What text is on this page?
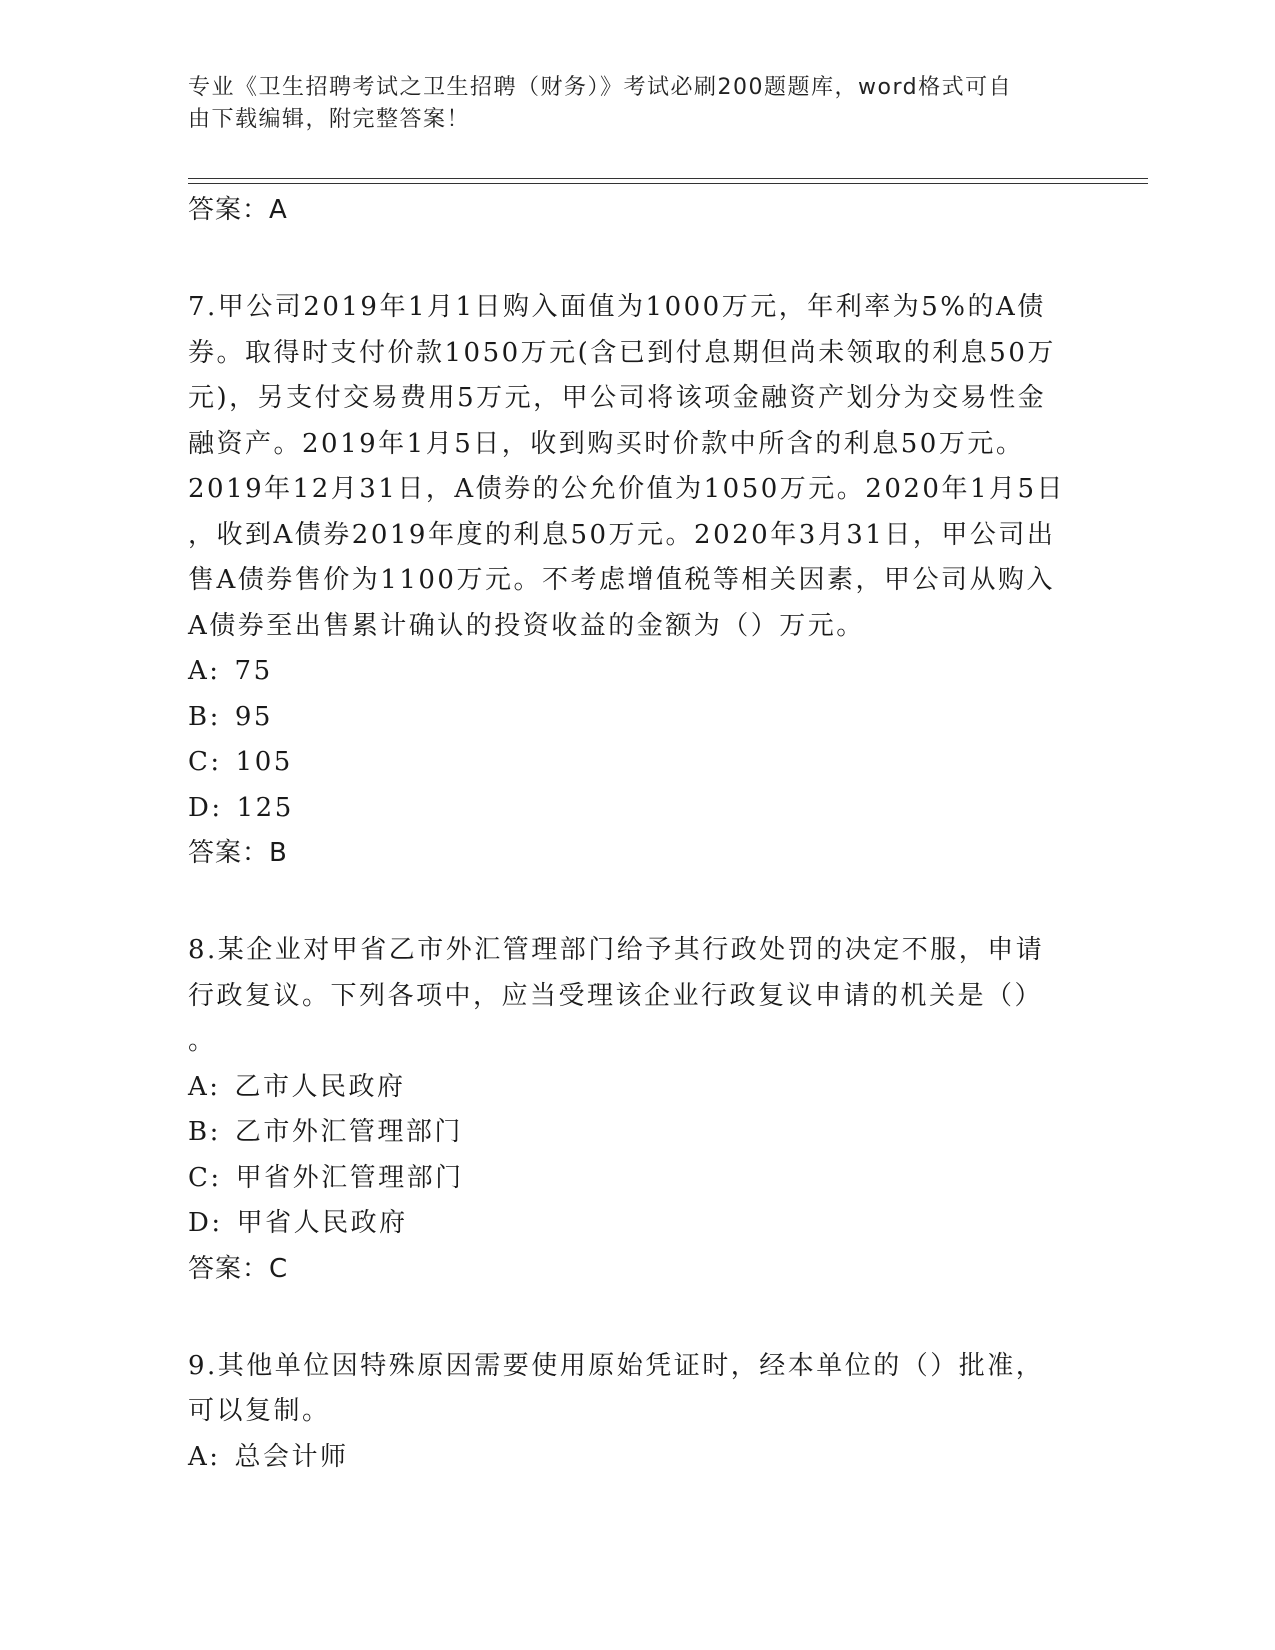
专业《卫生招聘考试之卫生招聘（财务）》考试必刷200题题库，word格式可自
由下载编辑，附完整答案！
答案：A

7.甲公司2019年1月1日购入面值为1000万元，年利率为5%的A债

券。取得时支付价款1050万元(含已到付息期但尚未领取的利息50万

元)，另支付交易费用5万元，甲公司将该项金融资产划分为交易性金

融资产。2019年1月5日，收到购买时价款中所含的利息50万元。

2019年12月31日，A债券的公允价值为1050万元。2020年1月5日

，收到A债券2019年度的利息50万元。2020年3月31日，甲公司出

售A债券售价为1100万元。不考虑增值税等相关因素，甲公司从购入

A债券至出售累计确认的投资收益的金额为（）万元。

A: 75
B: 95
C: 105
D: 125
答案：B

8.某企业对甲省乙市外汇管理部门给予其行政处罚的决定不服，申请

行政复议。下列各项中，应当受理该企业行政复议申请的机关是（）

。

A: 乙市人民政府
B: 乙市外汇管理部门
C: 甲省外汇管理部门
D: 甲省人民政府
答案：C

9.其他单位因特殊原因需要使用原始凭证时，经本单位的（）批准，

可以复制。

A: 总会计师
